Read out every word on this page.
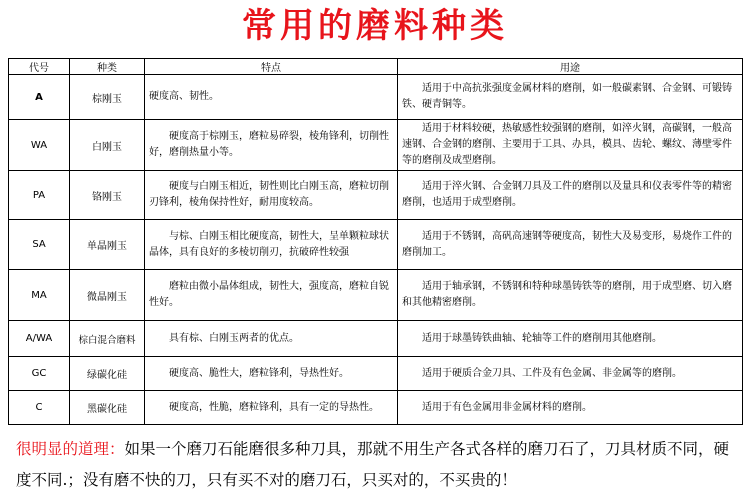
常用的磨料种类
代号	种类	特点	用途
A	棕刚玉	硬度高、韧性。	适用于中高抗张强度金属材料的磨削，如一般碳素钢、合金钢、可锻铸铁、硬青铜等。

WA	白刚玉	硬度高于棕刚玉，磨粒易碎裂，棱角锋利，切削性好，磨削热量小等。	适用于材料较硬，热敏感性较强钢的磨削，如淬火钢，高碳钢，一般高速钢、合金钢的磨削、主要用于工具、办具，模具、齿轮、螺纹、薄壁零件等的磨削及成型磨削。

PA	铬刚玉	硬度与白刚玉相近，韧性则比白刚玉高，磨粒切削刃锋利，棱角保持性好，耐用度较高。	适用于淬火钢、合金钢刀具及工件的磨削以及量具和仪表零件等的精密磨削，也适用于成型磨削。

SA	单晶刚玉	与棕、白刚玉相比硬度高，韧性大，呈单颗粒球状晶体，具有良好的多棱切削刃，抗破碎性较强	适用于不锈钢，高矾高速钢等硬度高，韧性大及易变形，易烧作工件的磨削加工。

MA	微晶刚玉	磨粒由微小晶体组成，韧性大，强度高，磨粒自锐性好。	适用于轴承钢，不锈钢和特种球墨铸铁等的磨削，用于成型磨、切入磨和其他精密磨削。

A/WA	棕白混合磨料	具有棕、白刚玉两者的优点。	适用于球墨铸铁曲轴、轮轴等工件的磨削用其他磨削。

GC	绿碳化硅	硬度高、脆性大，磨粒锋利，导热性好。	适用于硬质合金刀具、工件及有色金属、非金属等的磨削。

C	黑碳化硅	硬度高，性脆，磨粒锋利，具有一定的导热性。	适用于有色金属用非金属材料的磨削。
很明显的道理：如果一个磨刀石能磨很多种刀具，那就不用生产各式各样的磨刀石了，刀具材质不同，硬度不同.；没有磨不快的刀，只有买不对的磨刀石，只买对的，不买贵的！
